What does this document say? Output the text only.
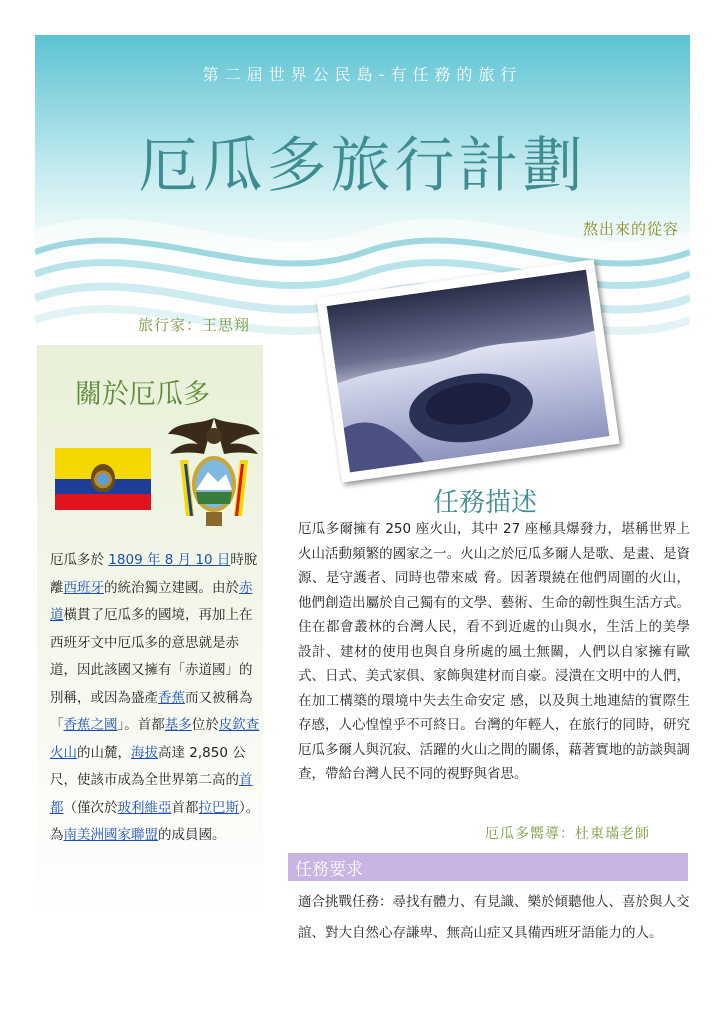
第二屆世界公民島-有任務的旅行
厄瓜多旅行計劃
熬出來的從容
旅行家：王思翔
關於厄瓜多
厄瓜多於 1809 年 8 月 10 日時脫離西班牙的統治獨立建國。由於赤道橫貫了厄瓜多的國境，再加上在西班牙文中厄瓜多的意思就是赤道，因此該國又擁有「赤道國」的別稱，或因為盛產香蕉而又被稱為「香蕉之國」。首都基多位於皮欽查火山的山麓，海拔高達 2,850 公尺，使該市成為全世界第二高的首都（僅次於玻利維亞首都拉巴斯）。為南美洲國家聯盟的成員國。
任務描述
厄瓜多爾擁有 250 座火山，其中 27 座極具爆發力，堪稱世界上火山活動頻繁的國家之一。火山之於厄瓜多爾人是歌、是畫、是資源、是守護者、同時也帶來威 脅。因著環繞在他們周圍的火山，他們創造出屬於自己獨有的文學、藝術、生命的韌性與生活方式。住在都會叢林的台灣人民，看不到近處的山與水，生活上的美學 設計、建材的使用也與自身所處的風土無關，人們以自家擁有歐式、日式、美式家俱、家飾與建材而自豪。浸潰在文明中的人們，在加工構築的環境中失去生命安定 感，以及與土地連結的實際生存感，人心惶惶乎不可終日。台灣的年輕人，在旅行的同時，研究厄瓜多爾人與沉寂、活躍的火山之間的關係，藉著實地的訪談與調 查，帶給台灣人民不同的視野與省思。
厄瓜多嚮導：杜東璊老師
任務要求
適合挑戰任務：尋找有體力、有見識、樂於傾聽他人、喜於與人交誼、對大自然心存謙卑、無高山症又具備西班牙語能力的人。
